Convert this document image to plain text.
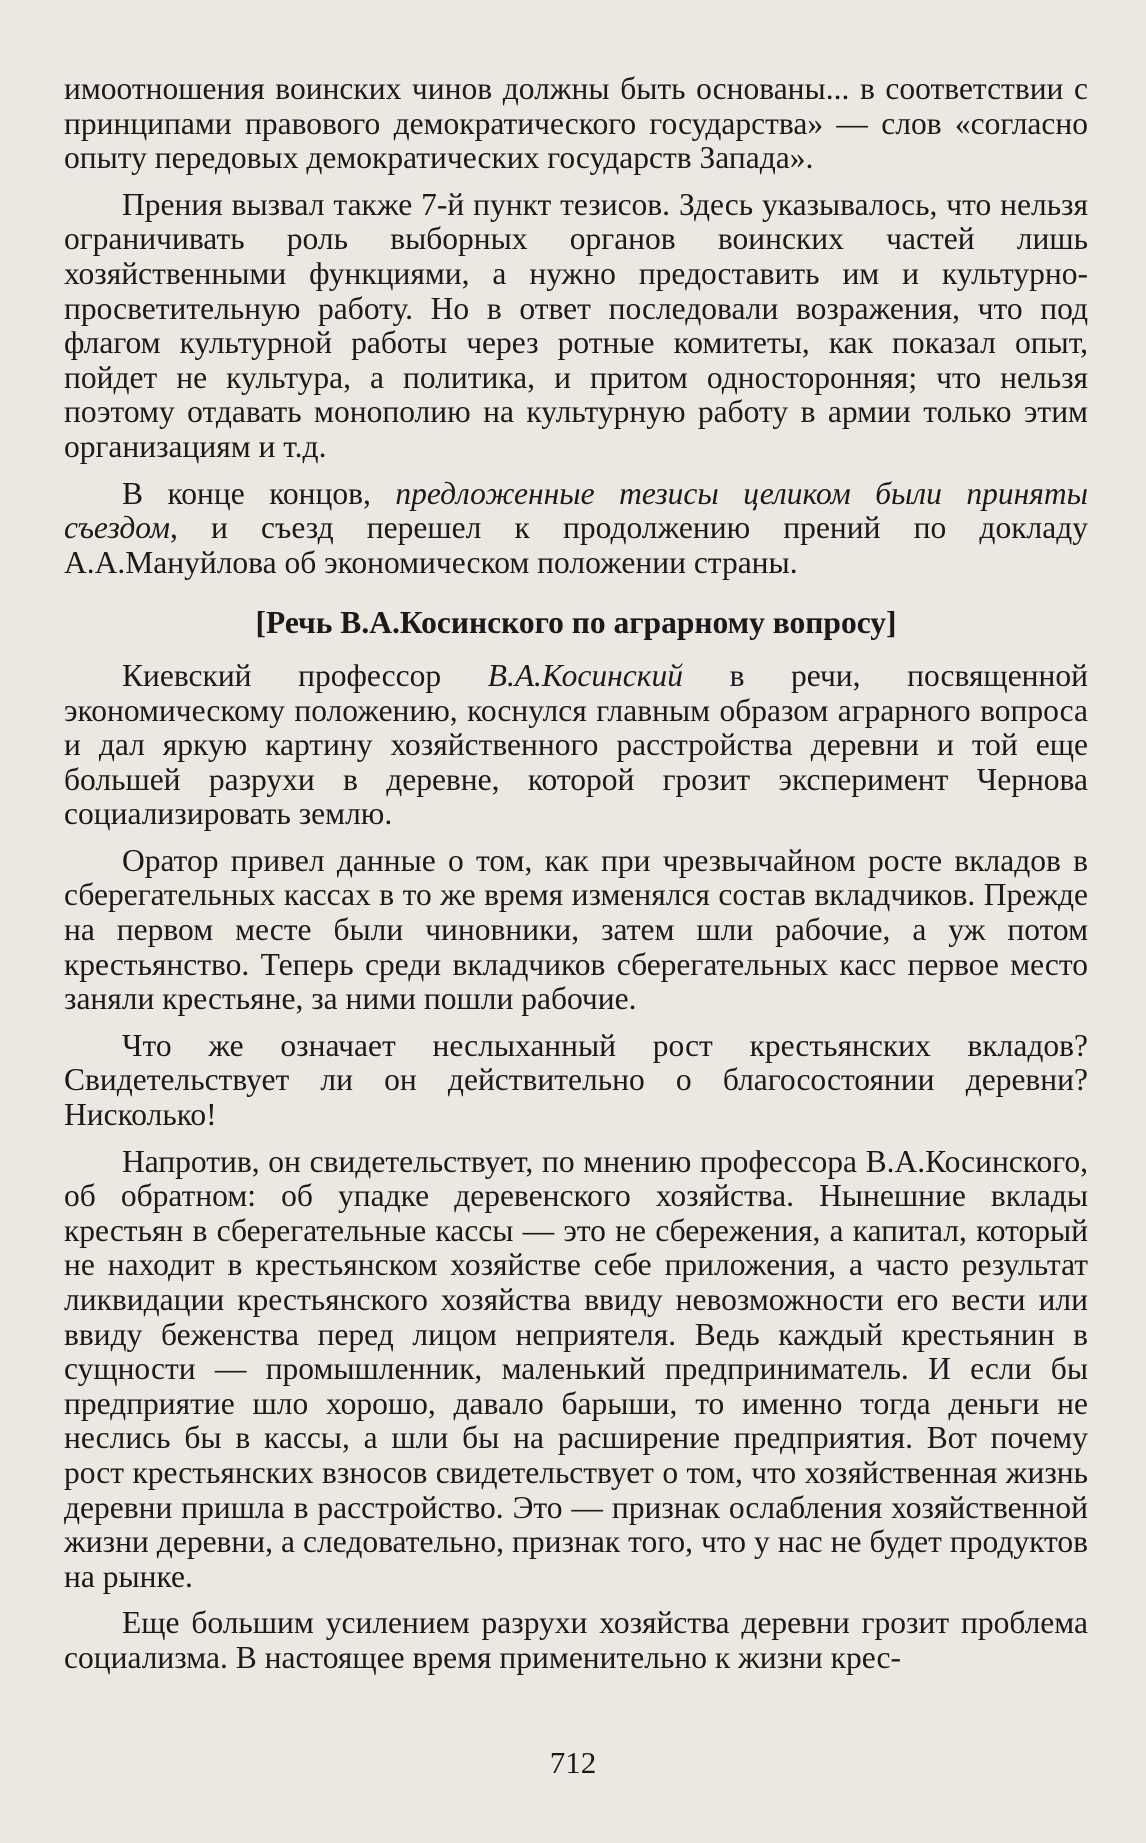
имоотношения воинских чинов должны быть основаны... в соответствии с принципами правового демократического государства» — слов «согласно опыту передовых демократических государств Запада».

Прения вызвал также 7-й пункт тезисов. Здесь указывалось, что нельзя ограничивать роль выборных органов воинских частей лишь хозяйственными функциями, а нужно предоставить им и культурно-просветительную работу. Но в ответ последовали возражения, что под флагом культурной работы через ротные комитеты, как показал опыт, пойдет не культура, а политика, и притом односторонняя; что нельзя поэтому отдавать монополию на культурную работу в армии только этим организациям и т.д.

В конце концов, предложенные тезисы целиком были приняты съездом, и съезд перешел к продолжению прений по докладу А.А.Мануйлова об экономическом положении страны.

[Речь В.А.Косинского по аграрному вопросу]

Киевский профессор В.А.Косинский в речи, посвященной экономическому положению, коснулся главным образом аграрного вопроса и дал яркую картину хозяйственного расстройства деревни и той еще большей разрухи в деревне, которой грозит эксперимент Чернова социализировать землю.

Оратор привел данные о том, как при чрезвычайном росте вкладов в сберегательных кассах в то же время изменялся состав вкладчиков. Прежде на первом месте были чиновники, затем шли рабочие, а уж потом крестьянство. Теперь среди вкладчиков сберегательных касс первое место заняли крестьяне, за ними пошли рабочие.

Что же означает неслыханный рост крестьянских вкладов? Свидетельствует ли он действительно о благосостоянии деревни? Нисколько!

Напротив, он свидетельствует, по мнению профессора В.А.Косинского, об обратном: об упадке деревенского хозяйства. Нынешние вклады крестьян в сберегательные кассы — это не сбережения, а капитал, который не находит в крестьянском хозяйстве себе приложения, а часто результат ликвидации крестьянского хозяйства ввиду невозможности его вести или ввиду беженства перед лицом неприятеля. Ведь каждый крестьянин в сущности — промышленник, маленький предприниматель. И если бы предприятие шло хорошо, давало барыши, то именно тогда деньги не неслись бы в кассы, а шли бы на расширение предприятия. Вот почему рост крестьянских взносов свидетельствует о том, что хозяйственная жизнь деревни пришла в расстройство. Это — признак ослабления хозяйственной жизни деревни, а следовательно, признак того, что у нас не будет продуктов на рынке.

Еще большим усилением разрухи хозяйства деревни грозит проблема социализма. В настоящее время применительно к жизни крес-

712
